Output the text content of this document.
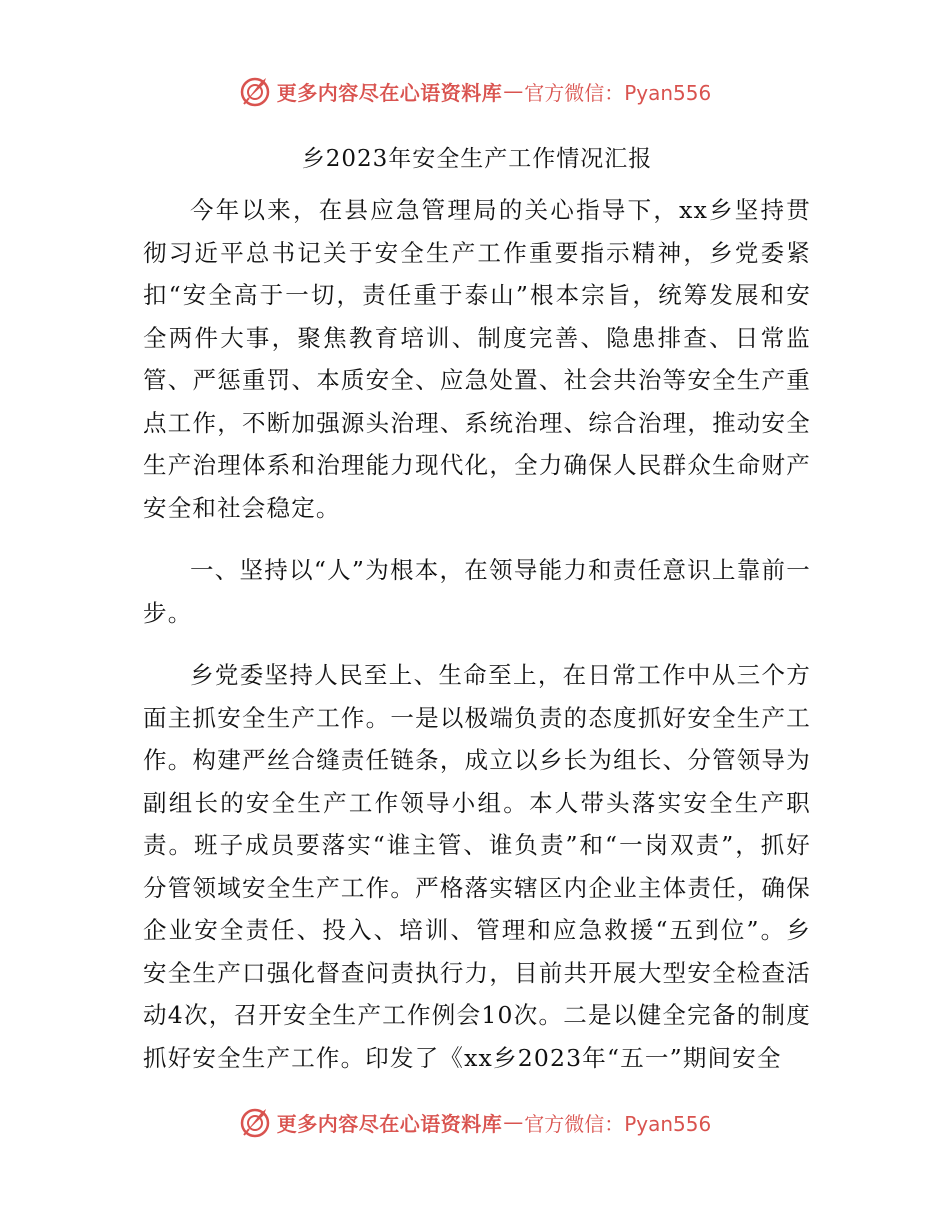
更多内容尽在心语资料库 — 官方微信：Pyan556
乡2023年安全生产工作情况汇报

今年以来，在县应急管理局的关心指导下，xx乡坚持贯彻习近平总书记关于安全生产工作重要指示精神，乡党委紧扣“安全高于一切，责任重于泰山”根本宗旨，统筹发展和安全两件大事，聚焦教育培训、制度完善、隐患排查、日常监管、严惩重罚、本质安全、应急处置、社会共治等安全生产重点工作，不断加强源头治理、系统治理、综合治理，推动安全生产治理体系和治理能力现代化，全力确保人民群众生命财产安全和社会稳定。

一、坚持以“人”为根本，在领导能力和责任意识上靠前一步。

乡党委坚持人民至上、生命至上，在日常工作中从三个方面主抓安全生产工作。一是以极端负责的态度抓好安全生产工作。构建严丝合缝责任链条，成立以乡长为组长、分管领导为副组长的安全生产工作领导小组。本人带头落实安全生产职责。班子成员要落实“谁主管、谁负责”和“一岗双责”，抓好分管领域安全生产工作。严格落实辖区内企业主体责任，确保企业安全责任、投入、培训、管理和应急救援“五到位”。乡安全生产口强化督查问责执行力，目前共开展大型安全检查活动4次，召开安全生产工作例会10次。二是以健全完备的制度抓好安全生产工作。印发了《xx乡2023年“五一”期间安全

更多内容尽在心语资料库 — 官方微信：Pyan556
